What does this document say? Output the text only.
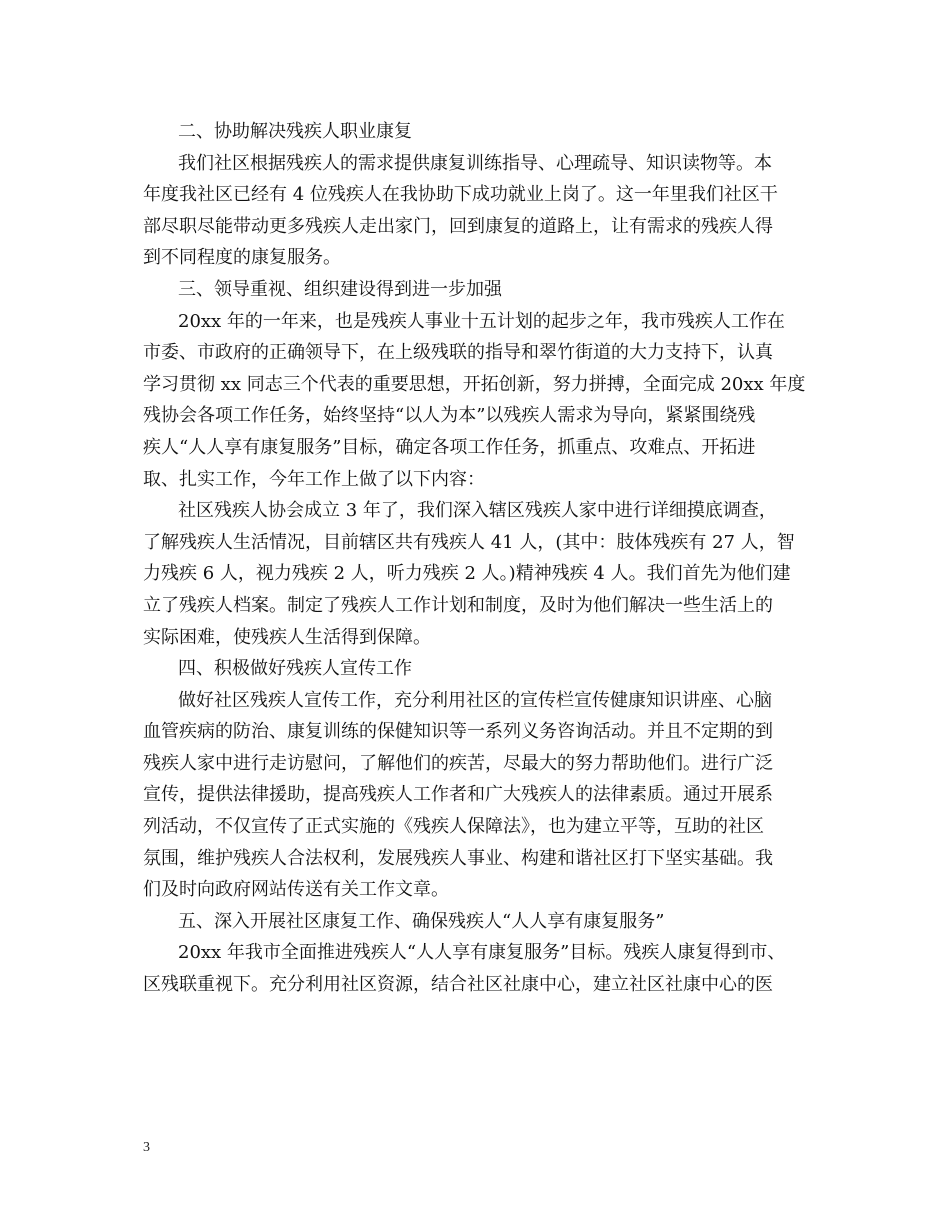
二、协助解决残疾人职业康复
我们社区根据残疾人的需求提供康复训练指导、心理疏导、知识读物等。本
年度我社区已经有 4 位残疾人在我协助下成功就业上岗了。这一年里我们社区干
部尽职尽能带动更多残疾人走出家门，回到康复的道路上，让有需求的残疾人得
到不同程度的康复服务。
三、领导重视、组织建设得到进一步加强
20xx 年的一年来，也是残疾人事业十五计划的起步之年，我市残疾人工作在
市委、市政府的正确领导下，在上级残联的指导和翠竹街道的大力支持下，认真
学习贯彻 xx 同志三个代表的重要思想，开拓创新，努力拼搏，全面完成 20xx 年度
残协会各项工作任务，始终坚持“以人为本”以残疾人需求为导向，紧紧围绕残
疾人“人人享有康复服务”目标，确定各项工作任务，抓重点、攻难点、开拓进
取、扎实工作，今年工作上做了以下内容：
社区残疾人协会成立 3 年了，我们深入辖区残疾人家中进行详细摸底调查，
了解残疾人生活情况，目前辖区共有残疾人 41 人，(其中：肢体残疾有 27 人，智
力残疾 6 人，视力残疾 2 人，听力残疾 2 人。)精神残疾 4 人。我们首先为他们建
立了残疾人档案。制定了残疾人工作计划和制度，及时为他们解决一些生活上的
实际困难，使残疾人生活得到保障。
四、积极做好残疾人宣传工作
做好社区残疾人宣传工作，充分利用社区的宣传栏宣传健康知识讲座、心脑
血管疾病的防治、康复训练的保健知识等一系列义务咨询活动。并且不定期的到
残疾人家中进行走访慰问，了解他们的疾苦，尽最大的努力帮助他们。进行广泛
宣传，提供法律援助，提高残疾人工作者和广大残疾人的法律素质。通过开展系
列活动，不仅宣传了正式实施的《残疾人保障法》，也为建立平等，互助的社区
氛围，维护残疾人合法权利，发展残疾人事业、构建和谐社区打下坚实基础。我
们及时向政府网站传送有关工作文章。
五、深入开展社区康复工作、确保残疾人“人人享有康复服务”
20xx 年我市全面推进残疾人“人人享有康复服务”目标。残疾人康复得到市、
区残联重视下。充分利用社区资源，结合社区社康中心，建立社区社康中心的医
3
